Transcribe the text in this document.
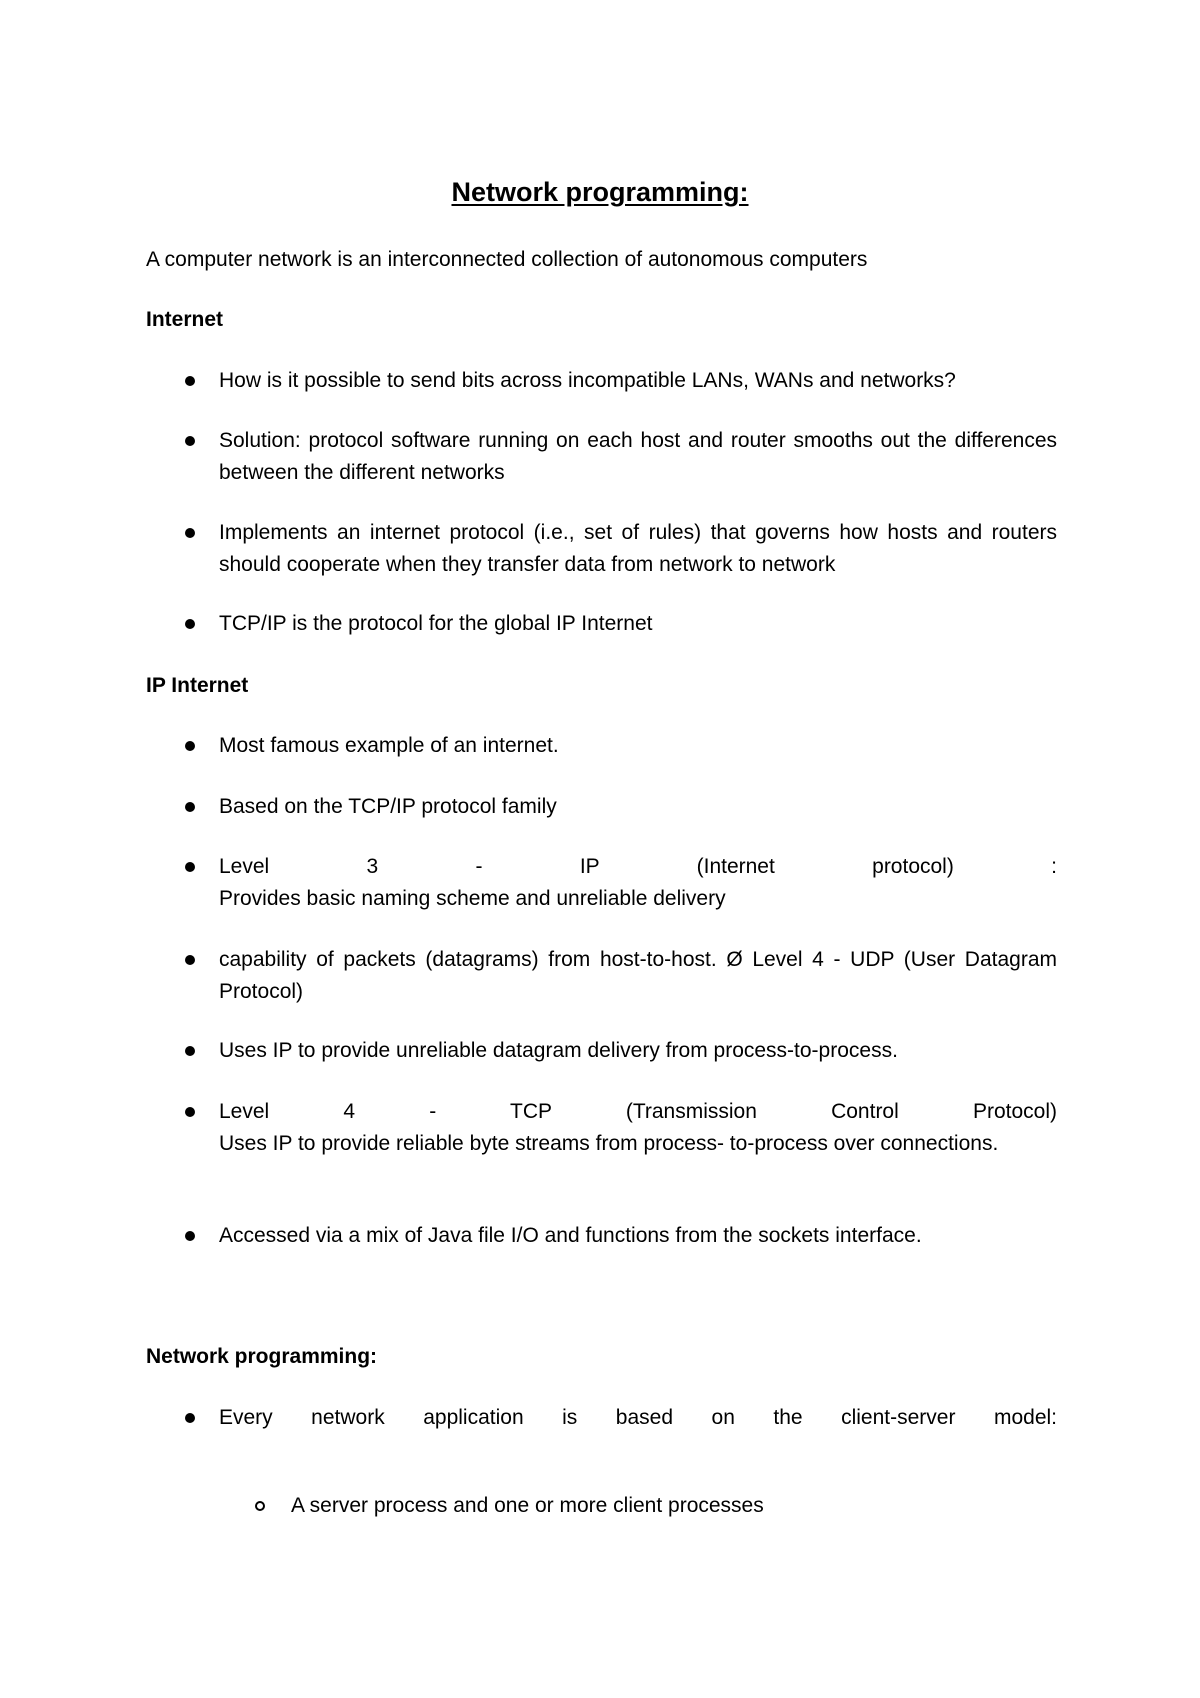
Network programming:
A computer network is an interconnected collection of autonomous computers
Internet
How is it possible to send bits across incompatible LANs, WANs and networks?
Solution: protocol software running on each host and router smooths out the differences between the different networks
Implements an internet protocol (i.e., set of rules) that governs how hosts and routers should cooperate when they transfer data from network to network
TCP/IP is the protocol for the global IP Internet
IP Internet
Most famous example of an internet.
Based on the TCP/IP protocol family
Level 3 - IP (Internet protocol) :
Provides basic naming scheme and unreliable delivery
capability of packets (datagrams) from host-to-host. Ø Level 4 - UDP (User Datagram Protocol)
Uses IP to provide unreliable datagram delivery from process-to-process.
Level 4 - TCP (Transmission Control Protocol)
Uses IP to provide reliable byte streams from process- to-process over connections.
Accessed via a mix of Java file I/O and functions from the sockets interface.
Network programming:
Every network application is based on the client-server model:
A server process and one or more client processes
